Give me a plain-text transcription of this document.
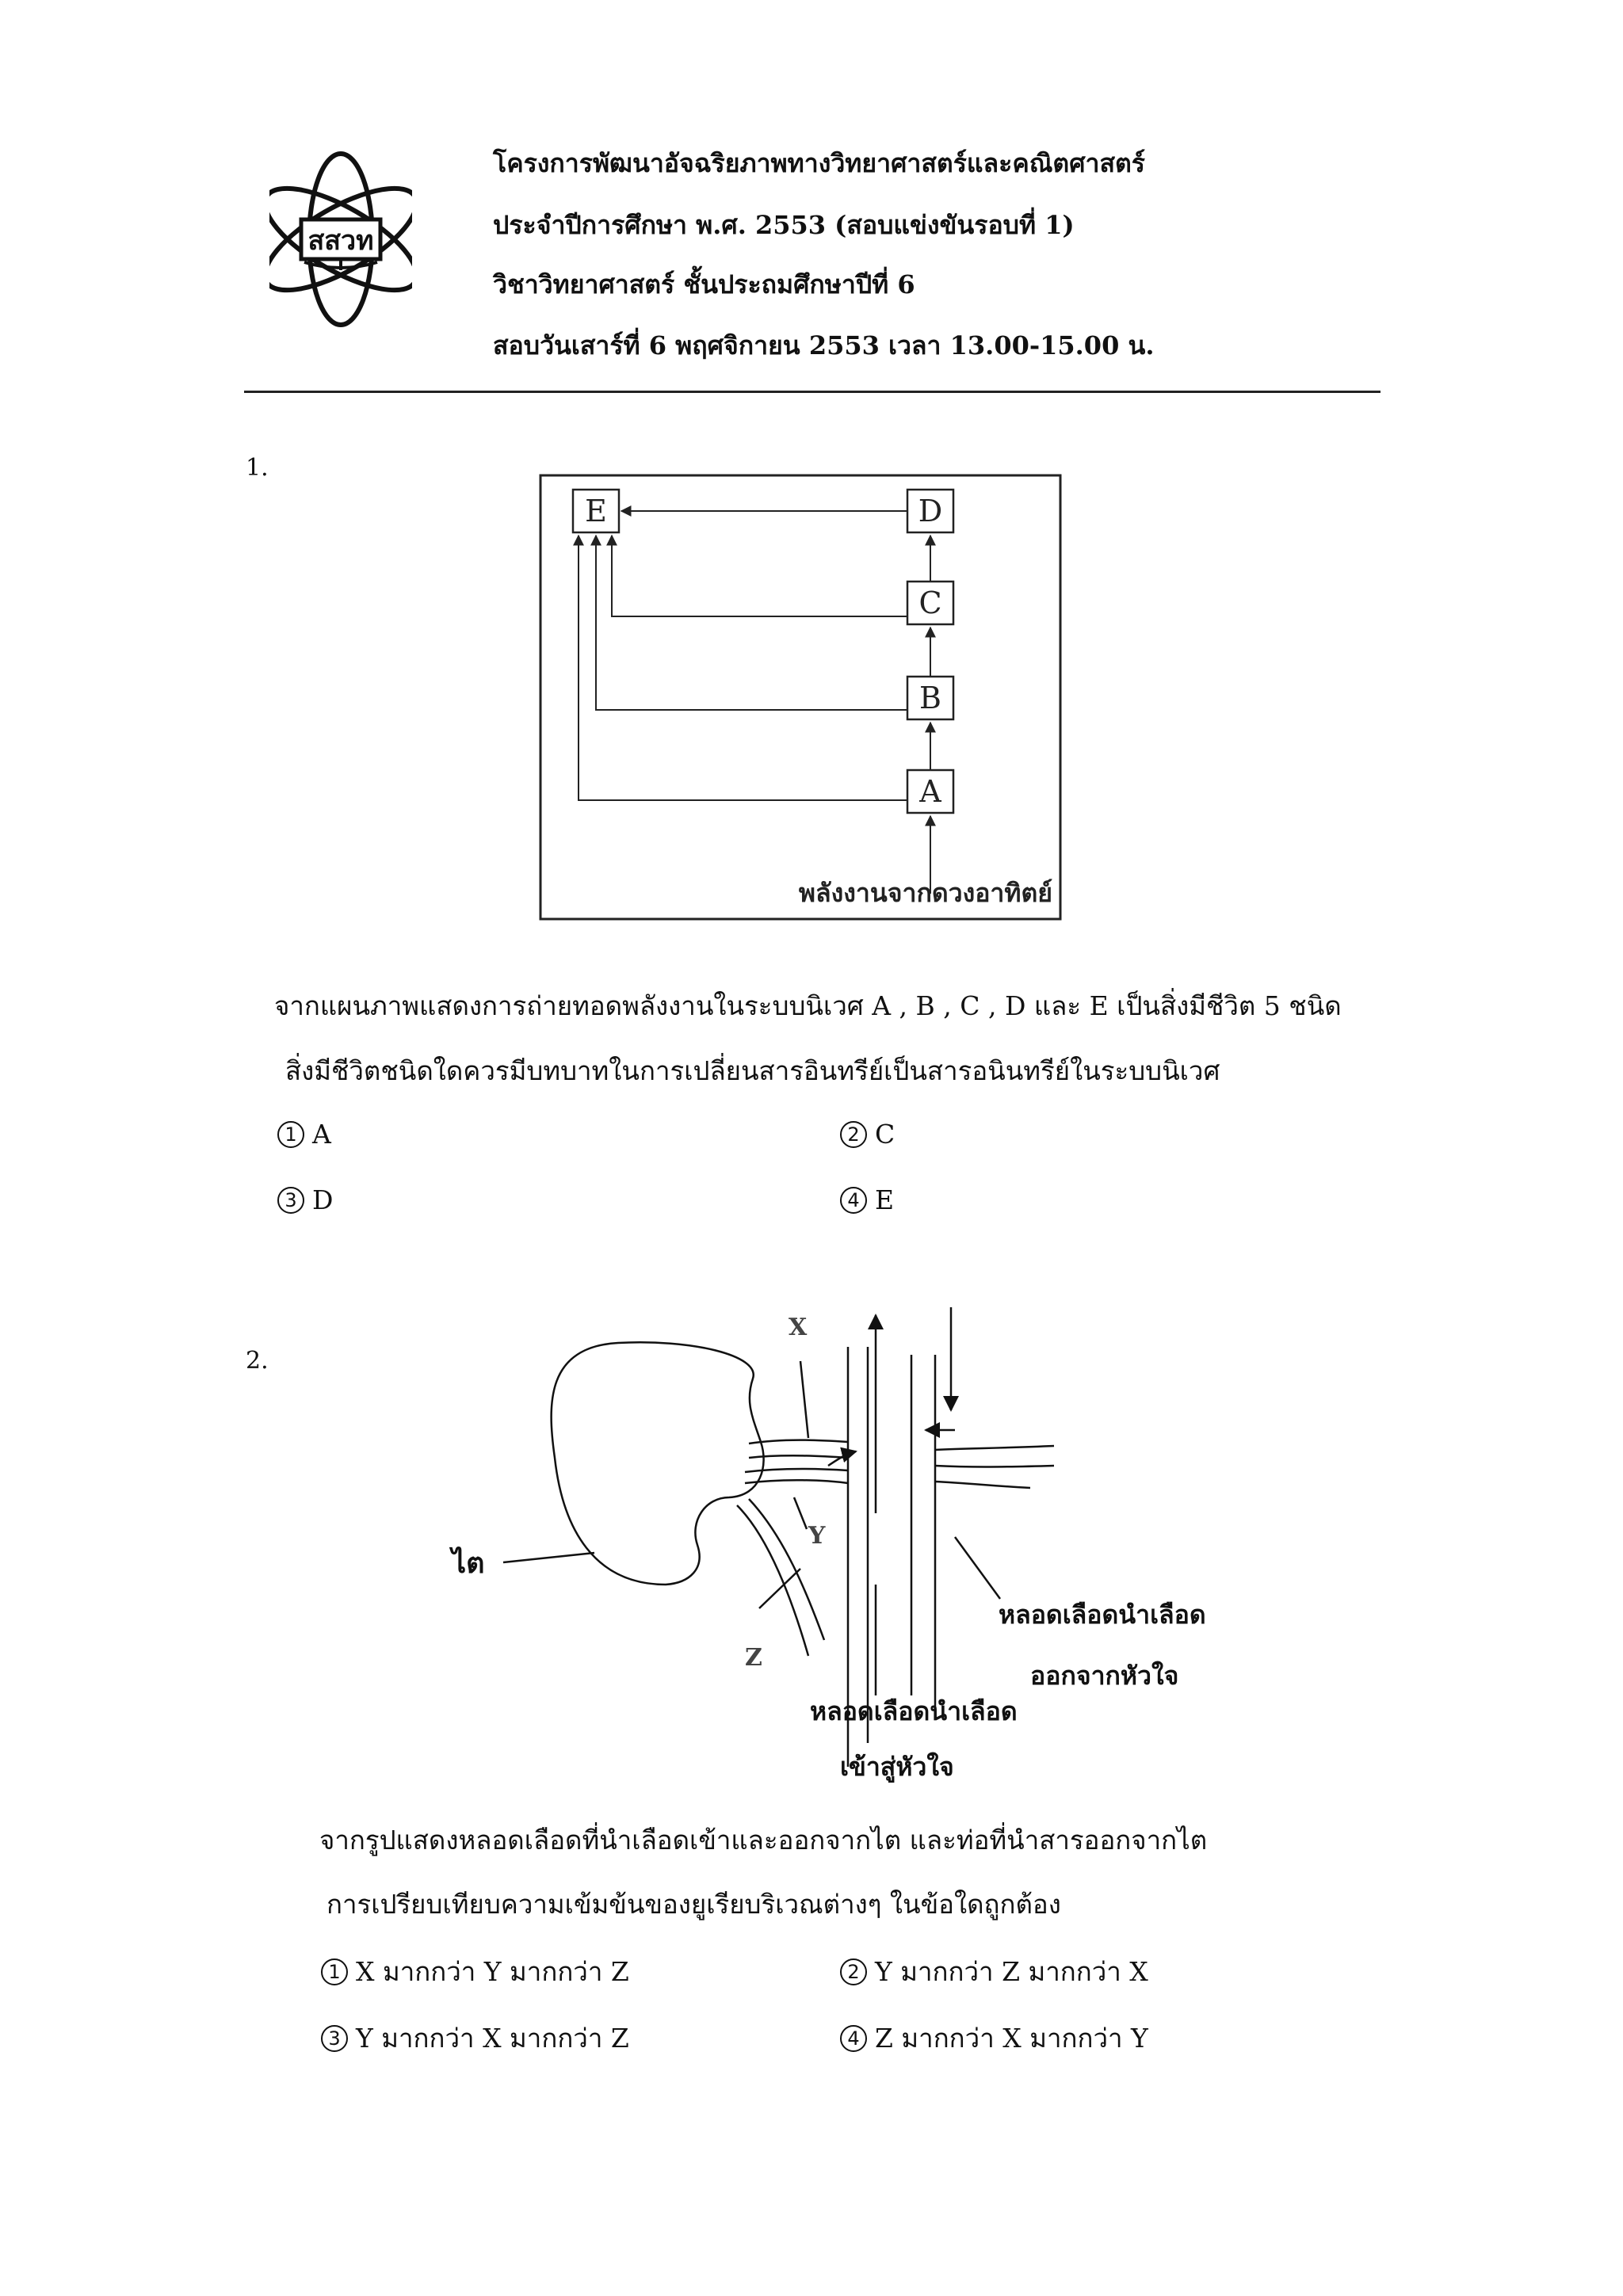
สสวท
โครงการพัฒนาอัจฉริยภาพทางวิทยาศาสตร์และคณิตศาสตร์
ประจำปีการศึกษา พ.ศ. 2553 (สอบแข่งขันรอบที่ 1)
วิชาวิทยาศาสตร์ ชั้นประถมศึกษาปีที่ 6
สอบวันเสาร์ที่ 6 พฤศจิกายน 2553 เวลา 13.00-15.00 น.
1.
E	D
C
B
A
พลังงานจากดวงอาทิตย์
จากแผนภาพแสดงการถ่ายทอดพลังงานในระบบนิเวศ A , B , C , D และ E เป็นสิ่งมีชีวิต 5 ชนิด
สิ่งมีชีวิตชนิดใดควรมีบทบาทในการเปลี่ยนสารอินทรีย์เป็นสารอนินทรีย์ในระบบนิเวศ
1 A	2 C
3 D	4 E
2.
X
Y
Z
ไต
หลอดเลือดนำเลือด
ออกจากหัวใจ
หลอดเลือดนำเลือด
เข้าสู่หัวใจ
จากรูปแสดงหลอดเลือดที่นำเลือดเข้าและออกจากไต และท่อที่นำสารออกจากไต
การเปรียบเทียบความเข้มข้นของยูเรียบริเวณต่างๆ ในข้อใดถูกต้อง
1 X มากกว่า Y มากกว่า Z	2 Y มากกว่า Z มากกว่า X
3 Y มากกว่า X มากกว่า Z	4 Z มากกว่า X มากกว่า Y
